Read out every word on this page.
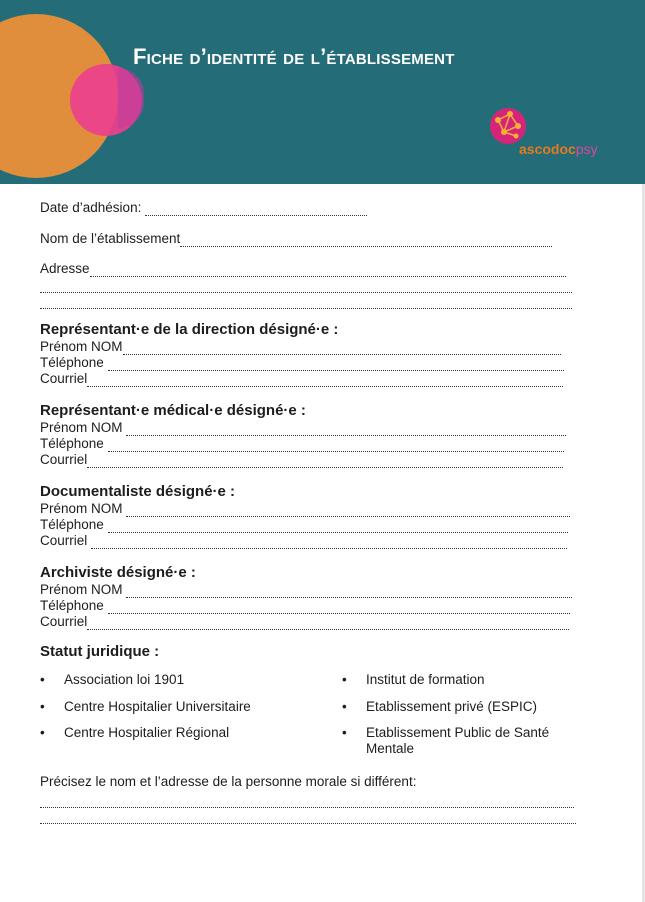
Fiche d’identité de l’établissement
ascodocpsy
Date d’adhésion:
Nom de l’établissement
Adresse
Représentant·e de la direction désigné·e :
Prénom NOM
Téléphone
Courriel
Représentant·e médical·e désigné·e :
Prénom NOM
Téléphone
Courriel
Documentaliste désigné·e :
Prénom NOM
Téléphone
Courriel
Archiviste désigné·e :
Prénom NOM
Téléphone
Courriel
Statut juridique :
• Association loi 1901
• Centre Hospitalier Universitaire
• Centre Hospitalier Régional
• Institut de formation
• Etablissement privé (ESPIC)
• Etablissement Public de Santé
Mentale
Précisez le nom et l’adresse de la personne morale si différent:
